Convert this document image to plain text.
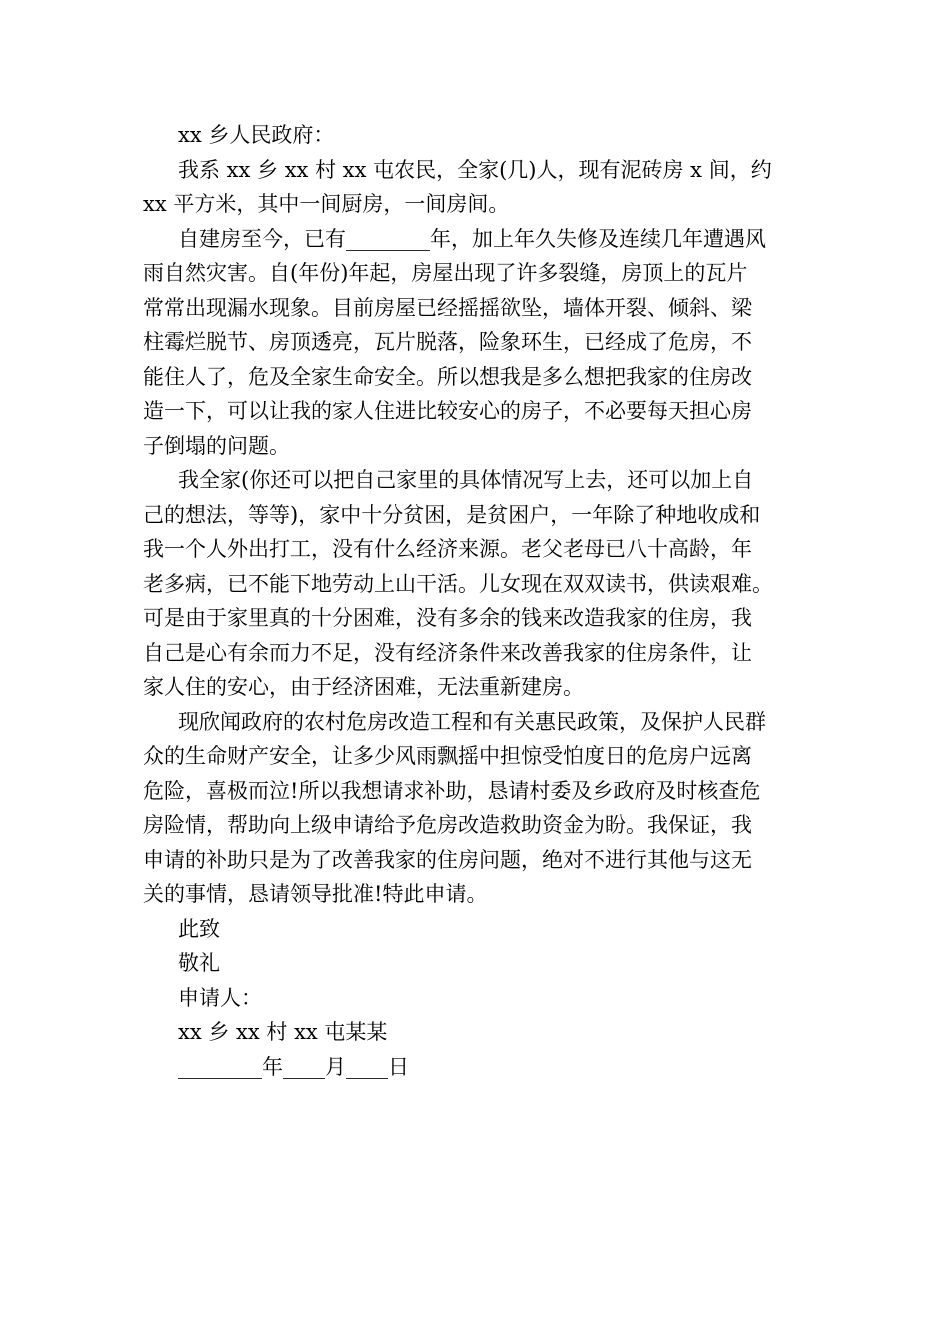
xx 乡人民政府：
我系 xx 乡 xx 村 xx 屯农民，全家(几)人，现有泥砖房 x 间，约
xx 平方米，其中一间厨房，一间房间。
自建房至今，已有________年，加上年久失修及连续几年遭遇风
雨自然灾害。自(年份)年起，房屋出现了许多裂缝，房顶上的瓦片
常常出现漏水现象。目前房屋已经摇摇欲坠，墙体开裂、倾斜、梁
柱霉烂脱节、房顶透亮，瓦片脱落，险象环生，已经成了危房，不
能住人了，危及全家生命安全。所以想我是多么想把我家的住房改
造一下，可以让我的家人住进比较安心的房子，不必要每天担心房
子倒塌的问题。
我全家(你还可以把自己家里的具体情况写上去，还可以加上自
己的想法，等等)，家中十分贫困，是贫困户，一年除了种地收成和
我一个人外出打工，没有什么经济来源。老父老母已八十高龄，年
老多病，已不能下地劳动上山干活。儿女现在双双读书，供读艰难。
可是由于家里真的十分困难，没有多余的钱来改造我家的住房，我
自己是心有余而力不足，没有经济条件来改善我家的住房条件，让
家人住的安心，由于经济困难，无法重新建房。
现欣闻政府的农村危房改造工程和有关惠民政策，及保护人民群
众的生命财产安全，让多少风雨飘摇中担惊受怕度日的危房户远离
危险，喜极而泣!所以我想请求补助，恳请村委及乡政府及时核查危
房险情，帮助向上级申请给予危房改造救助资金为盼。我保证，我
申请的补助只是为了改善我家的住房问题，绝对不进行其他与这无
关的事情，恳请领导批准!特此申请。
此致
敬礼
申请人：
xx 乡 xx 村 xx 屯某某
________年____月____日
